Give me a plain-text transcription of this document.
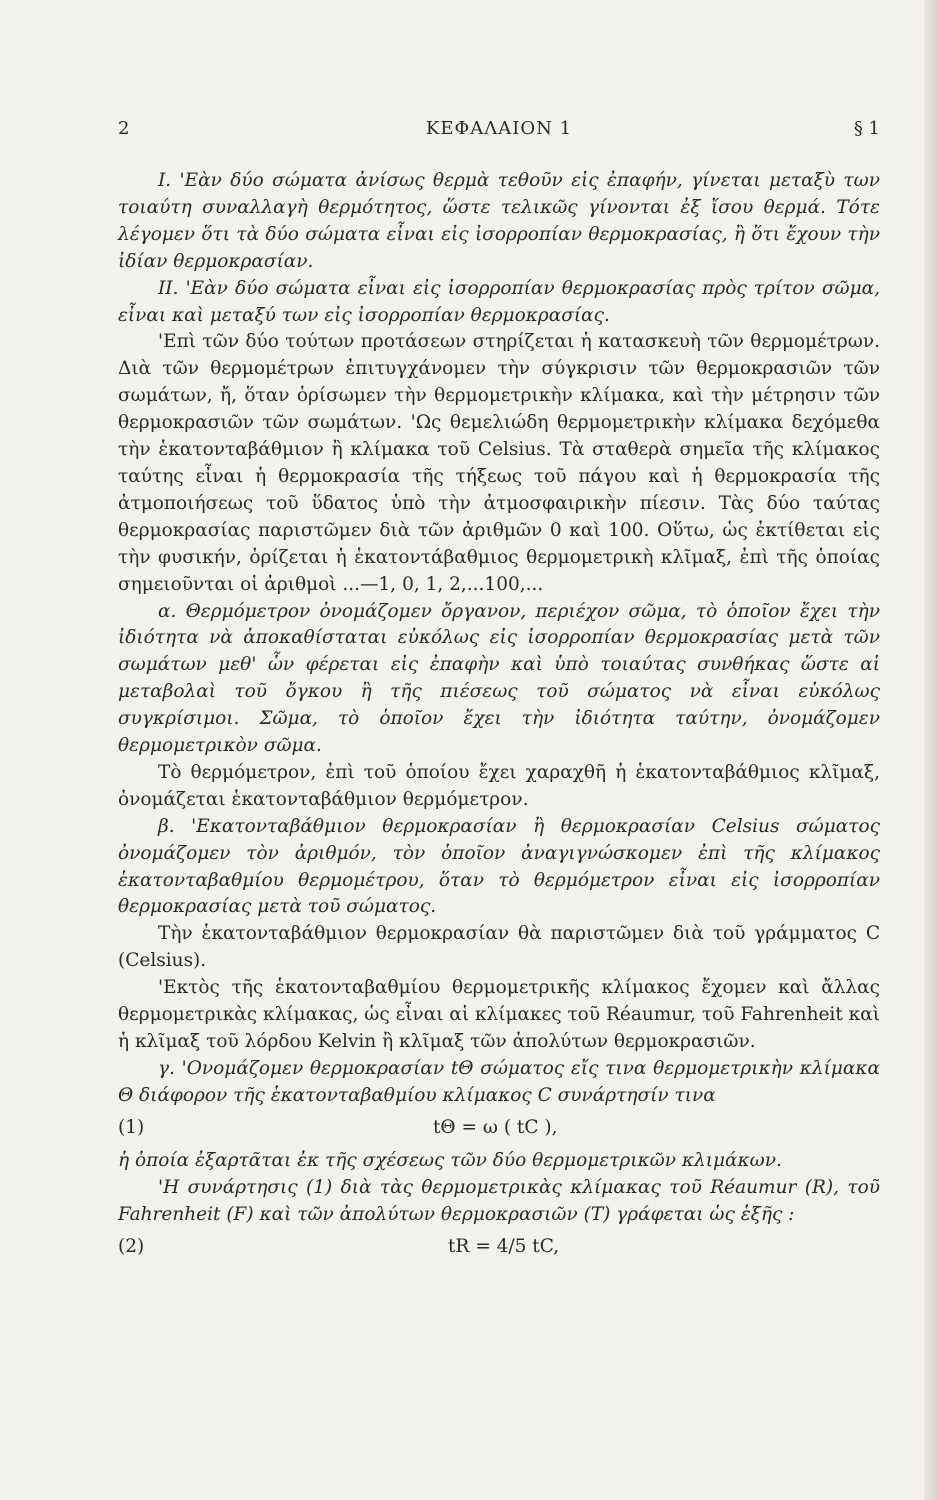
2	ΚΕΦΑΛΑΙΟΝ 1	§ 1

I. 'Εὰν δύο σώματα ἀνίσως θερμὰ τεθοῦν εἰς ἐπαφήν, γίνεται μεταξὺ των τοιαύτη συναλλαγὴ θερμότητος, ὥστε τελικῶς γίνονται ἐξ ἴσου θερμά. Τότε λέγομεν ὅτι τὰ δύο σώματα εἶναι εἰς ἰσορροπίαν θερμοκρασίας, ἢ ὅτι ἔχουν τὴν ἰδίαν θερμοκρασίαν.

II. 'Εὰν δύο σώματα εἶναι εἰς ἰσορροπίαν θερμοκρασίας πρὸς τρίτον σῶμα, εἶναι καὶ μεταξύ των εἰς ἰσορροπίαν θερμοκρασίας.

'Επὶ τῶν δύο τούτων προτάσεων στηρίζεται ἡ κατασκευὴ τῶν θερμομέτρων. Διὰ τῶν θερμομέτρων ἐπιτυγχάνομεν τὴν σύγκρισιν τῶν θερμοκρασιῶν τῶν σωμάτων, ἤ, ὅταν ὁρίσωμεν τὴν θερμομετρικὴν κλίμακα, καὶ τὴν μέτρησιν τῶν θερμοκρασιῶν τῶν σωμάτων. 'Ως θεμελιώδη θερμομετρικὴν κλίμακα δεχόμεθα τὴν ἑκατονταβάθμιον ἢ κλίμακα τοῦ Celsius. Τὰ σταθερὰ σημεῖα τῆς κλίμακος ταύτης εἶναι ἡ θερμοκρασία τῆς τήξεως τοῦ πάγου καὶ ἡ θερμοκρασία τῆς ἀτμοποιήσεως τοῦ ὕδατος ὑπὸ τὴν ἀτμοσφαιρικὴν πίεσιν. Τὰς δύο ταύτας θερμοκρασίας παριστῶμεν διὰ τῶν ἀριθμῶν 0 καὶ 100. Οὕτω, ὡς ἐκτίθεται εἰς τὴν φυσικήν, ὁρίζεται ἡ ἑκατοντάβαθμιος θερμομετρικὴ κλῖμαξ, ἐπὶ τῆς ὁποίας σημειοῦνται οἱ ἀριθμοὶ ...—1, 0, 1, 2,...100,...

α. Θερμόμετρον ὀνομάζομεν ὄργανον, περιέχον σῶμα, τὸ ὁποῖον ἔχει τὴν ἰδιότητα νὰ ἀποκαθίσταται εὐκόλως εἰς ἰσορροπίαν θερμοκρασίας μετὰ τῶν σωμάτων μεθ' ὧν φέρεται εἰς ἐπαφὴν καὶ ὑπὸ τοιαύτας συνθήκας ὥστε αἱ μεταβολαὶ τοῦ ὄγκου ἢ τῆς πιέσεως τοῦ σώματος νὰ εἶναι εὐκόλως συγκρίσιμοι. Σῶμα, τὸ ὁποῖον ἔχει τὴν ἰδιότητα ταύτην, ὀνομάζομεν θερμομετρικὸν σῶμα.

Τὸ θερμόμετρον, ἐπὶ τοῦ ὁποίου ἔχει χαραχθῆ ἡ ἑκατονταβάθμιος κλῖμαξ, ὀνομάζεται ἑκατονταβάθμιον θερμόμετρον.

β. 'Εκατονταβάθμιον θερμοκρασίαν ἢ θερμοκρασίαν Celsius σώματος ὀνομάζομεν τὸν ἀριθμόν, τὸν ὁποῖον ἀναγιγνώσκομεν ἐπὶ τῆς κλίμακος ἑκατονταβαθμίου θερμομέτρου, ὅταν τὸ θερμόμετρον εἶναι εἰς ἰσορροπίαν θερμοκρασίας μετὰ τοῦ σώματος.

Τὴν ἑκατονταβάθμιον θερμοκρασίαν θὰ παριστῶμεν διὰ τοῦ γράμματος C (Celsius).

'Εκτὸς τῆς ἑκατονταβαθμίου θερμομετρικῆς κλίμακος ἔχομεν καὶ ἄλλας θερμομετρικὰς κλίμακας, ὡς εἶναι αἱ κλίμακες τοῦ Réaumur, τοῦ Fahrenheit καὶ ἡ κλῖμαξ τοῦ λόρδου Kelvin ἢ κλῖμαξ τῶν ἀπολύτων θερμοκρασιῶν.

γ. 'Ονομάζομεν θερμοκρασίαν tΘ σώματος εἴς τινα θερμομετρικὴν κλίμακα Θ διάφορον τῆς ἑκατονταβαθμίου κλίμακος C συνάρτησίν τινα

(1)	tΘ = ω ( tC ),

ἡ ὁποία ἐξαρτᾶται ἐκ τῆς σχέσεως τῶν δύο θερμομετρικῶν κλιμάκων.

'Η συνάρτησις (1) διὰ τὰς θερμομετρικὰς κλίμακας τοῦ Réaumur (R), τοῦ Fahrenheit (F) καὶ τῶν ἀπολύτων θερμοκρασιῶν (T) γράφεται ὡς ἑξῆς :

(2)	tR = 4/5 tC,
